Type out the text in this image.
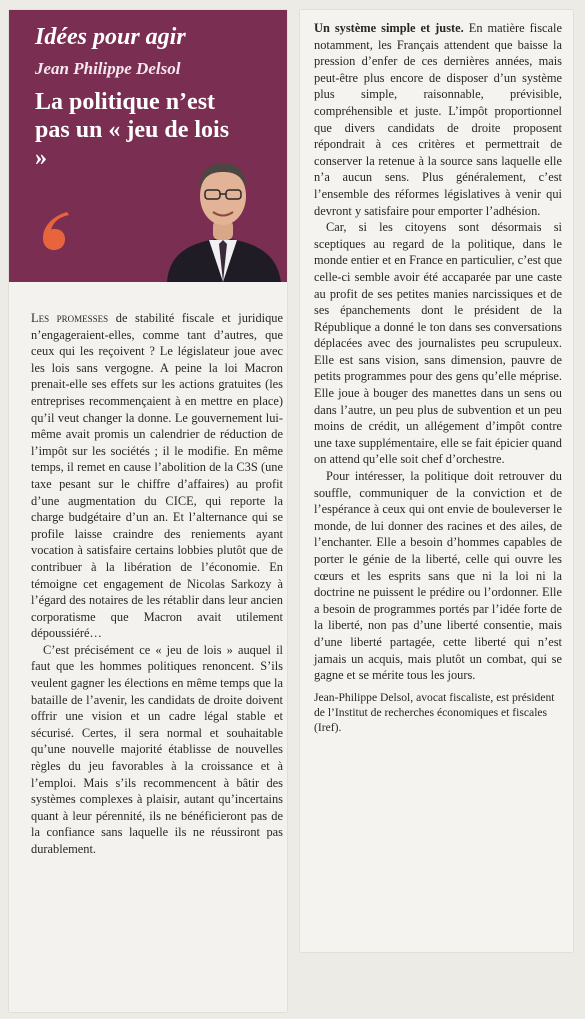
Idées pour agir
Jean Philippe Delsol
La politique n’est pas un « jeu de lois »

Les promesses de stabilité fiscale et juridique n’engageraient-elles, comme tant d’autres, que ceux qui les reçoivent ? Le législateur joue avec les lois sans vergogne. A peine la loi Macron prenait-elle ses effets sur les actions gratuites (les entreprises recommençaient à en mettre en place) qu’il veut changer la donne. Le gouvernement lui-même avait promis un calendrier de réduction de l’impôt sur les sociétés ; il le modifie. En même temps, il remet en cause l’abolition de la C3S (une taxe pesant sur le chiffre d’affaires) au profit d’une augmentation du CICE, qui reporte la charge budgétaire d’un an. Et l’alternance qui se profile laisse craindre des reniements ayant vocation à satisfaire certains lobbies plutôt que de contribuer à la libération de l’économie. En témoigne cet engagement de Nicolas Sarkozy à l’égard des notaires de les rétablir dans leur ancien corporatisme que Macron avait utilement dépoussiéré…

C’est précisément ce « jeu de lois » auquel il faut que les hommes politiques renoncent. S’ils veulent gagner les élections en même temps que la bataille de l’avenir, les candidats de droite doivent offrir une vision et un cadre légal stable et sécurisé. Certes, il sera normal et souhaitable qu’une nouvelle majorité établisse de nouvelles règles du jeu favorables à la croissance et à l’emploi. Mais s’ils recommencent à bâtir des systèmes complexes à plaisir, autant qu’incertains quant à leur pérennité, ils ne bénéficieront pas de la confiance sans laquelle ils ne réussiront pas durablement.

Un système simple et juste. En matière fiscale notamment, les Français attendent que baisse la pression d’enfer de ces dernières années, mais peut-être plus encore de disposer d’un système plus simple, raisonnable, prévisible, compréhensible et juste. L’impôt proportionnel que divers candidats de droite proposent répondrait à ces critères et permettrait de conserver la retenue à la source sans laquelle elle n’a aucun sens. Plus généralement, c’est l’ensemble des réformes législatives à venir qui devront y satisfaire pour emporter l’adhésion.

Car, si les citoyens sont désormais si sceptiques au regard de la politique, dans le monde entier et en France en particulier, c’est que celle-ci semble avoir été accaparée par une caste au profit de ses petites manies narcissiques et de ses épanchements dont le président de la République a donné le ton dans ses conversations déplacées avec des journalistes peu scrupuleux. Elle est sans vision, sans dimension, pauvre de petits programmes pour des gens qu’elle méprise. Elle joue à bouger des manettes dans un sens ou dans l’autre, un peu plus de subvention et un peu moins de crédit, un allégement d’impôt contre une taxe supplémentaire, elle se fait épicier quand on attend qu’elle soit chef d’orchestre.

Pour intéresser, la politique doit retrouver du souffle, communiquer de la conviction et de l’espérance à ceux qui ont envie de bouleverser le monde, de lui donner des racines et des ailes, de l’enchanter. Elle a besoin d’hommes capables de porter le génie de la liberté, celle qui ouvre les cœurs et les esprits sans que ni la loi ni la doctrine ne puissent le prédire ou l’ordonner. Elle a besoin de programmes portés par l’idée forte de la liberté, non pas d’une liberté consentie, mais d’une liberté partagée, cette liberté qui n’est jamais un acquis, mais plutôt un combat, qui se gagne et se mérite tous les jours.

Jean-Philippe Delsol, avocat fiscaliste, est président de l’Institut de recherches économiques et fiscales (Iref).
